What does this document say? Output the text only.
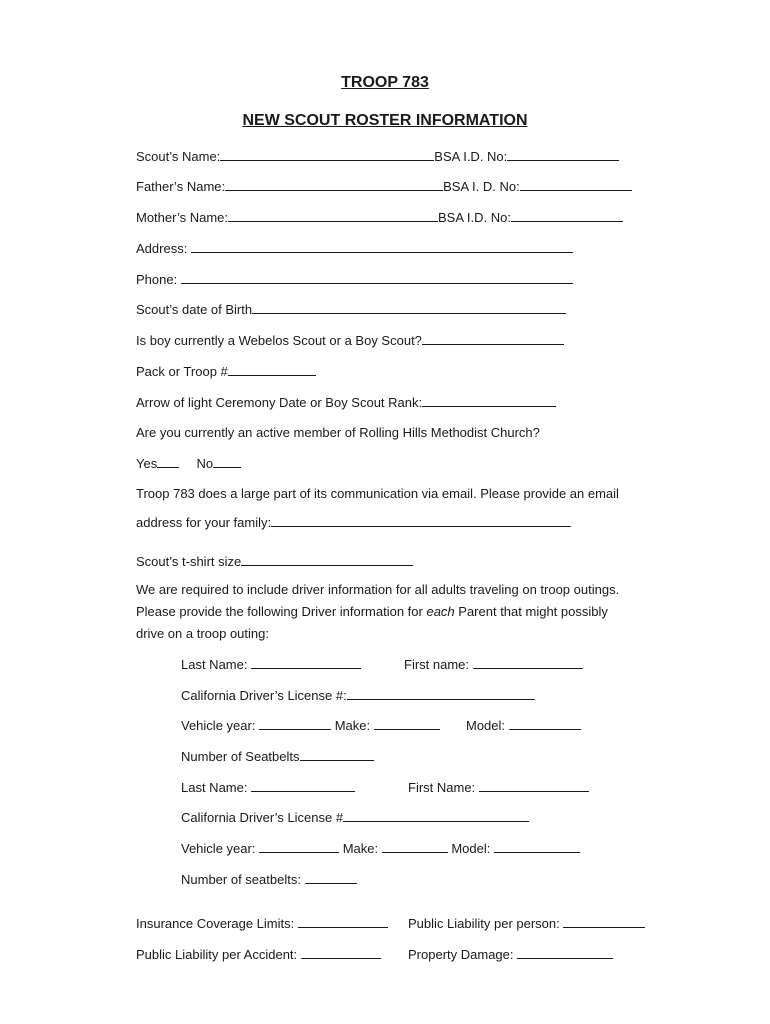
TROOP 783
NEW SCOUT ROSTER INFORMATION
Scout’s Name:	BSA I.D. No:
Father’s Name:	BSA I. D. No:
Mother’s Name:	BSA I.D. No:
Address:
Phone:
Scout’s date of Birth
Is boy currently a Webelos Scout or a Boy Scout?
Pack or Troop #
Arrow of light Ceremony Date or Boy Scout Rank:
Are you currently an active member of Rolling Hills Methodist Church?
Yes	No
Troop 783 does a large part of its communication via email. Please provide an email
address for your family:
Scout’s t-shirt size
We are required to include driver information for all adults traveling on troop outings.
Please provide the following Driver information for each Parent that might possibly
drive on a troop outing:
Last Name:	First name:
California Driver’s License #:
Vehicle year:	Make:	Model:
Number of Seatbelts
Last Name:	First Name:
California Driver’s License #
Vehicle year:	Make:	Model:
Number of seatbelts:
Insurance Coverage Limits:	Public Liability per person:
Public Liability per Accident:	Property Damage:
